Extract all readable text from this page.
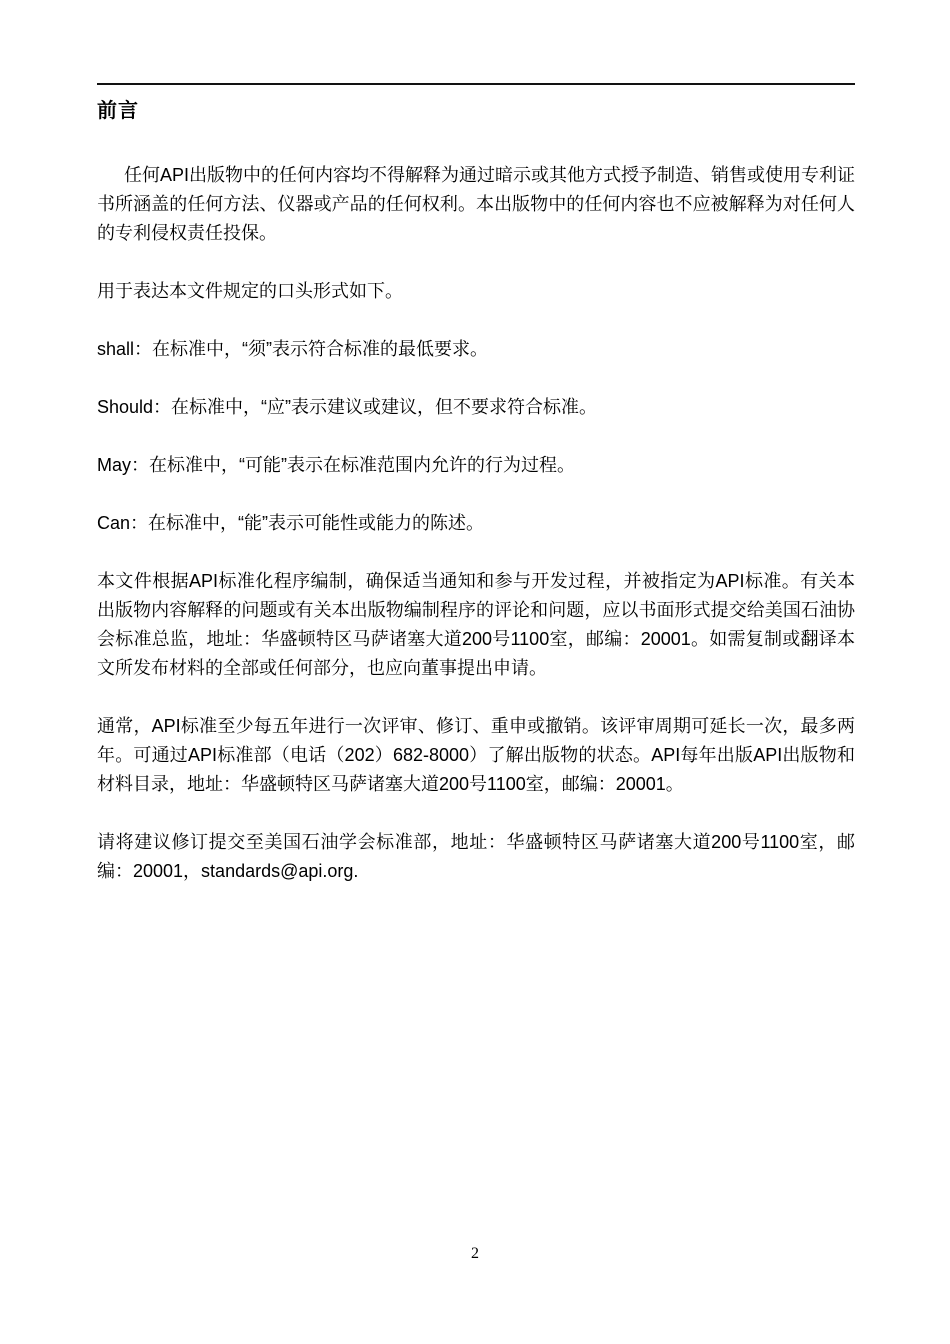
前言

任何API出版物中的任何内容均不得解释为通过暗示或其他方式授予制造、销售或使用专利证书所涵盖的任何方法、仪器或产品的任何权利。本出版物中的任何内容也不应被解释为对任何人的专利侵权责任投保。

用于表达本文件规定的口头形式如下。

shall：在标准中，“须”表示符合标准的最低要求。

Should：在标准中，“应”表示建议或建议，但不要求符合标准。

May：在标准中，“可能”表示在标准范围内允许的行为过程。

Can：在标准中，“能”表示可能性或能力的陈述。

本文件根据API标准化程序编制，确保适当通知和参与开发过程，并被指定为API标准。有关本出版物内容解释的问题或有关本出版物编制程序的评论和问题，应以书面形式提交给美国石油协会标准总监，地址：华盛顿特区马萨诸塞大道200号1100室，邮编：20001。如需复制或翻译本文所发布材料的全部或任何部分，也应向董事提出申请。

通常，API标准至少每五年进行一次评审、修订、重申或撤销。该评审周期可延长一次，最多两年。可通过API标准部（电话（202）682-8000）了解出版物的状态。API每年出版API出版物和材料目录，地址：华盛顿特区马萨诸塞大道200号1100室，邮编：20001。

请将建议修订提交至美国石油学会标准部，地址：华盛顿特区马萨诸塞大道200号1100室，邮编：20001，standards@api.org.

2
